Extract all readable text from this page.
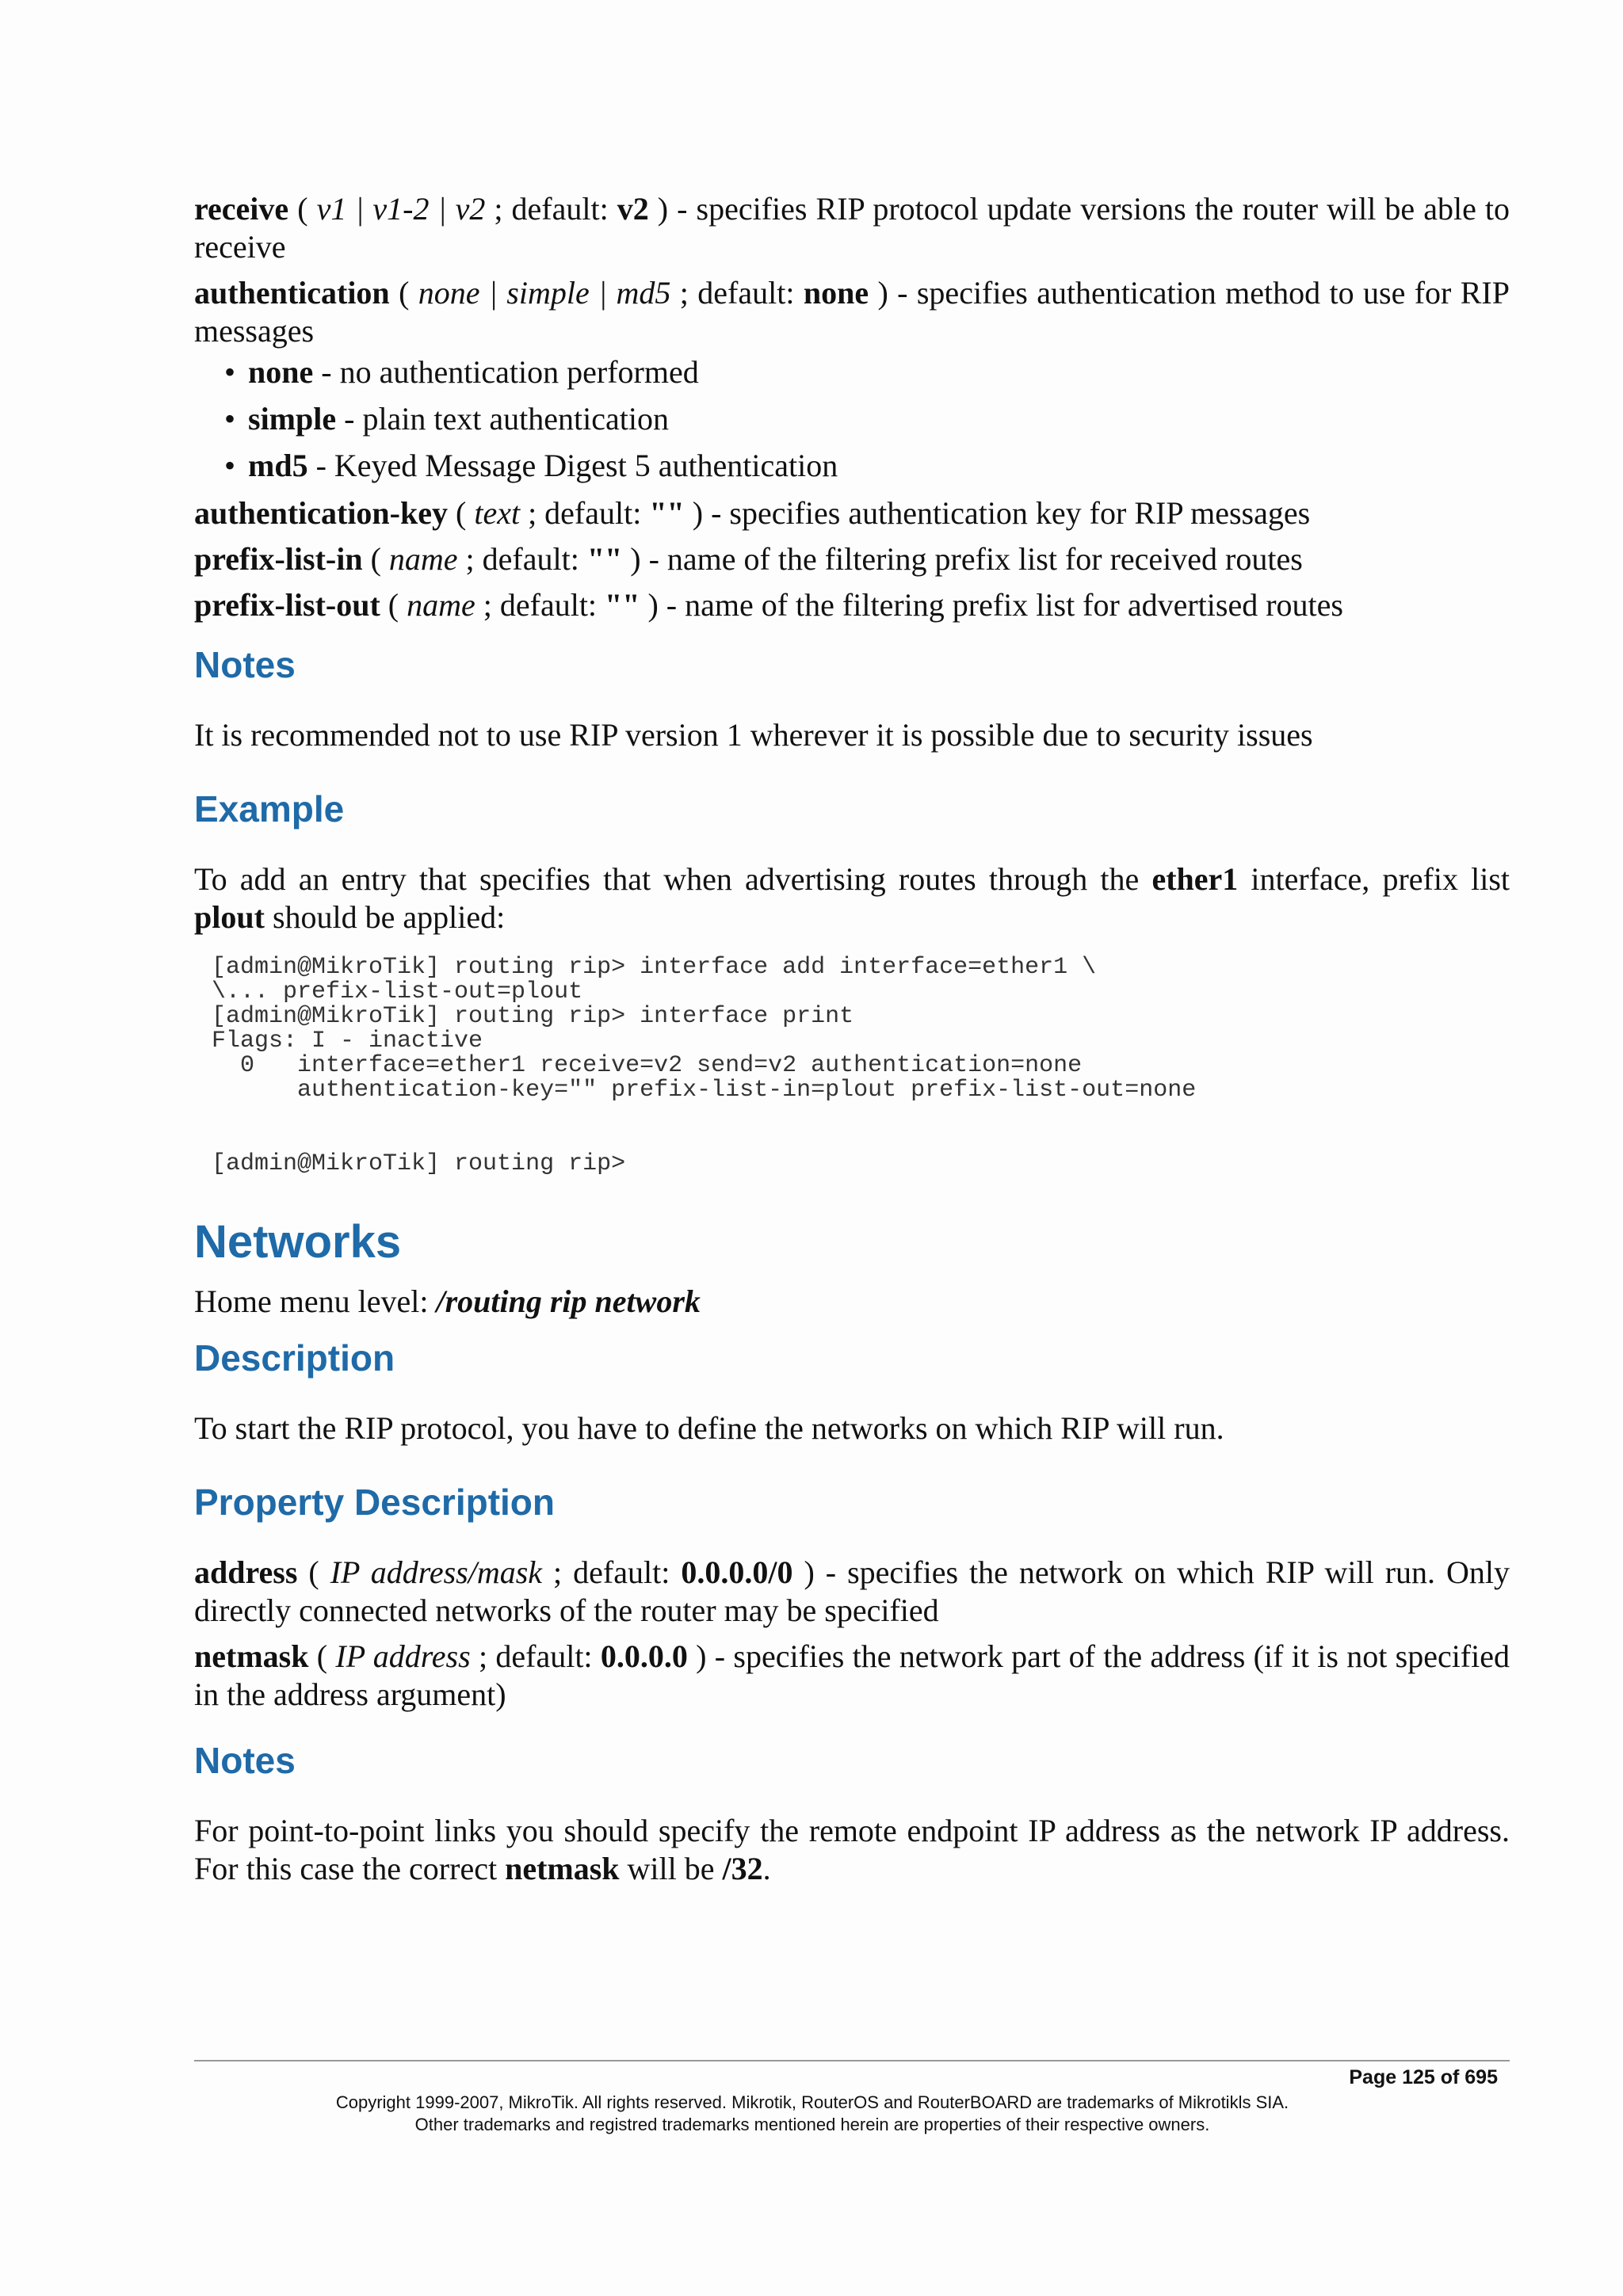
receive ( v1 | v1-2 | v2 ; default: v2 ) - specifies RIP protocol update versions the router will be able to receive

authentication ( none | simple | md5 ; default: none ) - specifies authentication method to use for RIP messages

• none - no authentication performed
• simple - plain text authentication
• md5 - Keyed Message Digest 5 authentication

authentication-key ( text ; default: "" ) - specifies authentication key for RIP messages

prefix-list-in ( name ; default: "" ) - name of the filtering prefix list for received routes

prefix-list-out ( name ; default: "" ) - name of the filtering prefix list for advertised routes

Notes

It is recommended not to use RIP version 1 wherever it is possible due to security issues

Example

To add an entry that specifies that when advertising routes through the ether1 interface, prefix list plout should be applied:

[admin@MikroTik] routing rip> interface add interface=ether1 \
\... prefix-list-out=plout
[admin@MikroTik] routing rip> interface print
Flags: I - inactive
0   interface=ether1 receive=v2 send=v2 authentication=none
authentication-key="" prefix-list-in=plout prefix-list-out=none

[admin@MikroTik] routing rip>
Networks

Home menu level: /routing rip network

Description

To start the RIP protocol, you have to define the networks on which RIP will run.

Property Description

address ( IP address/mask ; default: 0.0.0.0/0 ) - specifies the network on which RIP will run. Only directly connected networks of the router may be specified

netmask ( IP address ; default: 0.0.0.0 ) - specifies the network part of the address (if it is not specified in the address argument)

Notes

For point-to-point links you should specify the remote endpoint IP address as the network IP address. For this case the correct netmask will be /32.

Page 125 of 695
Copyright 1999-2007, MikroTik. All rights reserved. Mikrotik, RouterOS and RouterBOARD are trademarks of Mikrotikls SIA.
Other trademarks and registred trademarks mentioned herein are properties of their respective owners.
